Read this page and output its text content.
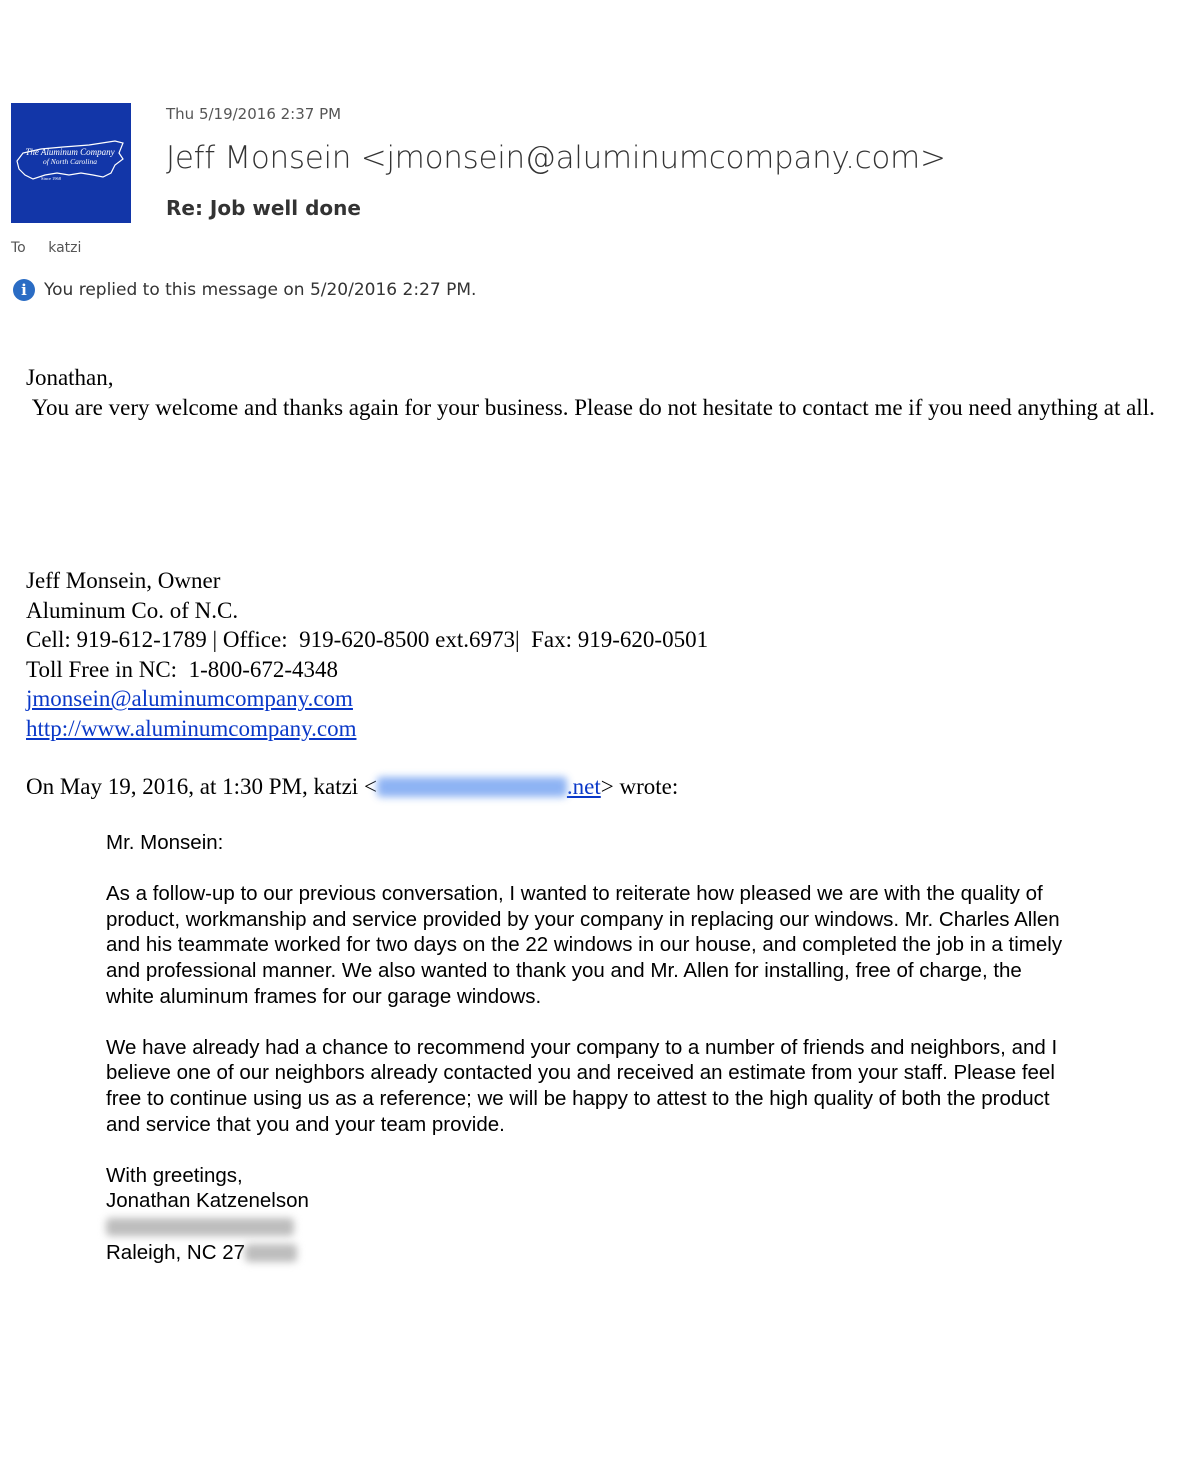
The Aluminum Company
of North Carolina
Since 1968
Thu 5/19/2016 2:37 PM
Jeff Monsein <jmonsein@aluminumcompany.com>
Re: Job well done
To katzi
i	You replied to this message on 5/20/2016 2:27 PM.

Jonathan,

You are very welcome and thanks again for your business. Please do not hesitate to contact me if you need anything at all.

Jeff Monsein, Owner
Aluminum Co. of N.C.
Cell: 919-612-1789 | Office:  919-620-8500 ext.6973|  Fax: 919-620-0501
Toll Free in NC:  1-800-672-4348
jmonsein@aluminumcompany.com
http://www.aluminumcompany.com
On May 19, 2016, at 1:30 PM, katzi <	.net> wrote:

Mr. Monsein:

As a follow-up to our previous conversation, I wanted to reiterate how pleased we are with the quality of product, workmanship and service provided by your company in replacing our windows. Mr. Charles Allen and his teammate worked for two days on the 22 windows in our house, and completed the job in a timely and professional manner. We also wanted to thank you and Mr. Allen for installing, free of charge, the white aluminum frames for our garage windows.

We have already had a chance to recommend your company to a number of friends and neighbors, and I believe one of our neighbors already contacted you and received an estimate from your staff. Please feel free to continue using us as a reference; we will be happy to attest to the high quality of both the product and service that you and your team provide.

With greetings,
Jonathan Katzenelson
Raleigh, NC 27
